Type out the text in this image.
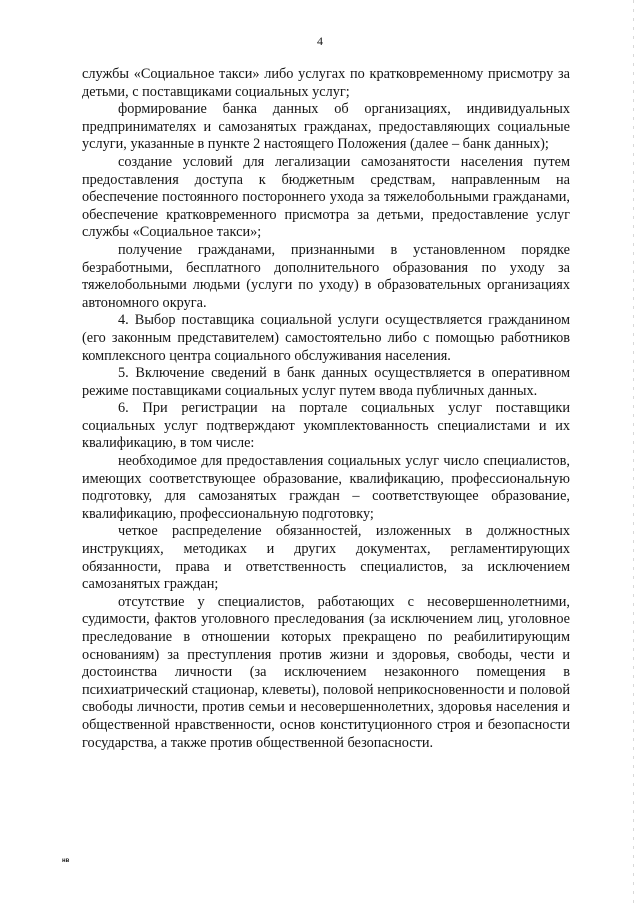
4

службы «Социальное такси» либо услугах по кратковременному присмотру за детьми, с поставщиками социальных услуг;

формирование банка данных об организациях, индивидуальных предпринимателях и самозанятых гражданах, предоставляющих социальные услуги, указанные в пункте 2 настоящего Положения (далее – банк данных);

создание условий для легализации самозанятости населения путем предоставления доступа к бюджетным средствам, направленным на обеспечение постоянного постороннего ухода за тяжелобольными гражданами, обеспечение кратковременного присмотра за детьми, предоставление услуг службы «Социальное такси»;

получение гражданами, признанными в установленном порядке безработными, бесплатного дополнительного образования по уходу за тяжелобольными людьми (услуги по уходу) в образовательных организациях автономного округа.

4. Выбор поставщика социальной услуги осуществляется гражданином (его законным представителем) самостоятельно либо с помощью работников комплексного центра социального обслуживания населения.

5. Включение сведений в банк данных осуществляется в оперативном режиме поставщиками социальных услуг путем ввода публичных данных.

6. При регистрации на портале социальных услуг поставщики социальных услуг подтверждают укомплектованность специалистами и их квалификацию, в том числе:

необходимое для предоставления социальных услуг число специалистов, имеющих соответствующее образование, квалификацию, профессиональную подготовку, для самозанятых граждан – соответствующее образование, квалификацию, профессиональную подготовку;

четкое распределение обязанностей, изложенных в должностных инструкциях, методиках и других документах, регламентирующих обязанности, права и ответственность специалистов, за исключением самозанятых граждан;

отсутствие у специалистов, работающих с несовершеннолетними, судимости, фактов уголовного преследования (за исключением лиц, уголовное преследование в отношении которых прекращено по реабилитирующим основаниям) за преступления против жизни и здоровья, свободы, чести и достоинства личности (за исключением незаконного помещения в психиатрический стационар, клеветы), половой неприкосновенности и половой свободы личности, против семьи и несовершеннолетних, здоровья населения и общественной нравственности, основ конституционного строя и безопасности государства, а также против общественной безопасности.

нв
